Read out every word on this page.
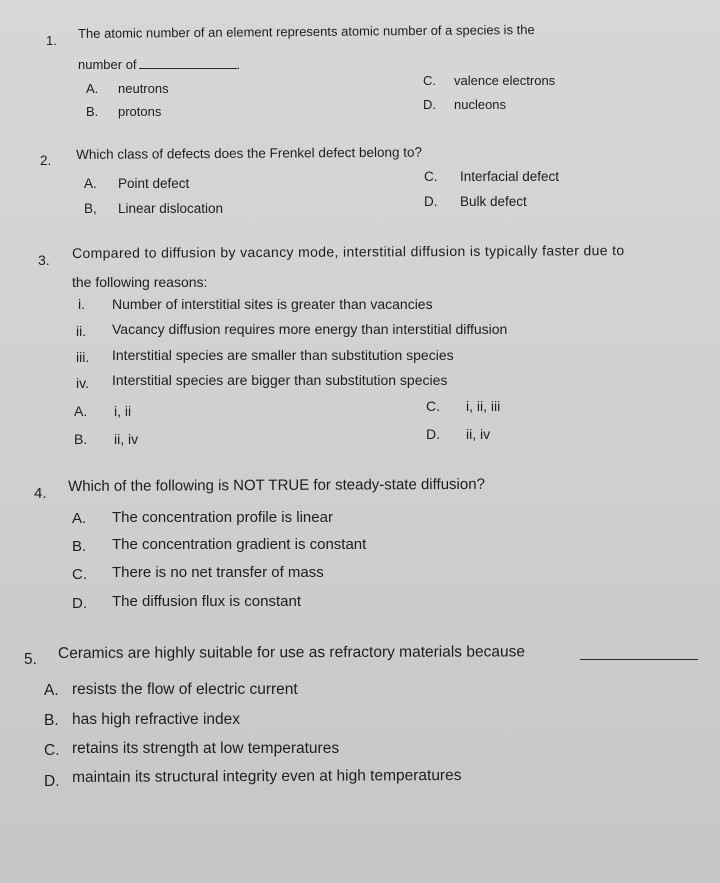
1. The atomic number of an element represents atomic number of a species is the
number of	.
A. neutrons
B. protons
C. valence electrons
D. nucleons
2. Which class of defects does the Frenkel defect belong to?
A. Point defect
B, Linear dislocation
C. Interfacial defect
D. Bulk defect
3. Compared to diffusion by vacancy mode, interstitial diffusion is typically faster due to
the following reasons:
i. Number of interstitial sites is greater than vacancies
ii. Vacancy diffusion requires more energy than interstitial diffusion
iii. Interstitial species are smaller than substitution species
iv. Interstitial species are bigger than substitution species
A. i, ii
B. ii, iv
C. i, ii, iii
D. ii, iv
4. Which of the following is NOT TRUE for steady-state diffusion?
A. The concentration profile is linear
B. The concentration gradient is constant
C. There is no net transfer of mass
D. The diffusion flux is constant
5. Ceramics are highly suitable for use as refractory materials because
A. resists the flow of electric current
B. has high refractive index
C. retains its strength at low temperatures
D. maintain its structural integrity even at high temperatures
